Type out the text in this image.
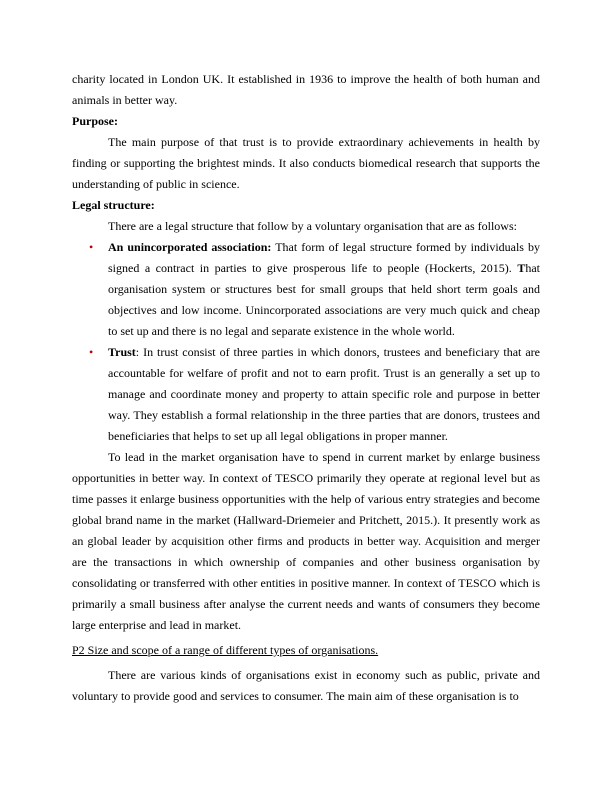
charity located in London UK. It established in 1936 to improve the health of both human and animals in better way.

Purpose:

The main purpose of that trust is to provide extraordinary achievements in health by finding or supporting the brightest minds. It also conducts biomedical research that supports the understanding of public in science.

Legal structure:

There are a legal structure that follow by a voluntary organisation that are as follows:

• An unincorporated association: That form of legal structure formed by individuals by signed a contract in parties to give prosperous life to people (Hockerts, 2015). That organisation system or structures best for small groups that held short term goals and objectives and low income. Unincorporated associations are very much quick and cheap to set up and there is no legal and separate existence in the whole world.
• Trust: In trust consist of three parties in which donors, trustees and beneficiary that are accountable for welfare of profit and not to earn profit. Trust is an generally a set up to manage and coordinate money and property to attain specific role and purpose in better way. They establish a formal relationship in the three parties that are donors, trustees and beneficiaries that helps to set up all legal obligations in proper manner.

To lead in the market organisation have to spend in current market by enlarge business opportunities in better way. In context of TESCO primarily they operate at regional level but as time passes it enlarge business opportunities with the help of various entry strategies and become global brand name in the market (Hallward-Driemeier and Pritchett, 2015.). It presently work as an global leader by acquisition other firms and products in better way. Acquisition and merger are the transactions in which ownership of companies and other business organisation by consolidating or transferred with other entities in positive manner. In context of TESCO which is primarily a small business after analyse the current needs and wants of consumers they become large enterprise and lead in market.

P2 Size and scope of a range of different types of organisations.

There are various kinds of organisations exist in economy such as public, private and voluntary to provide good and services to consumer. The main aim of these organisation is to
